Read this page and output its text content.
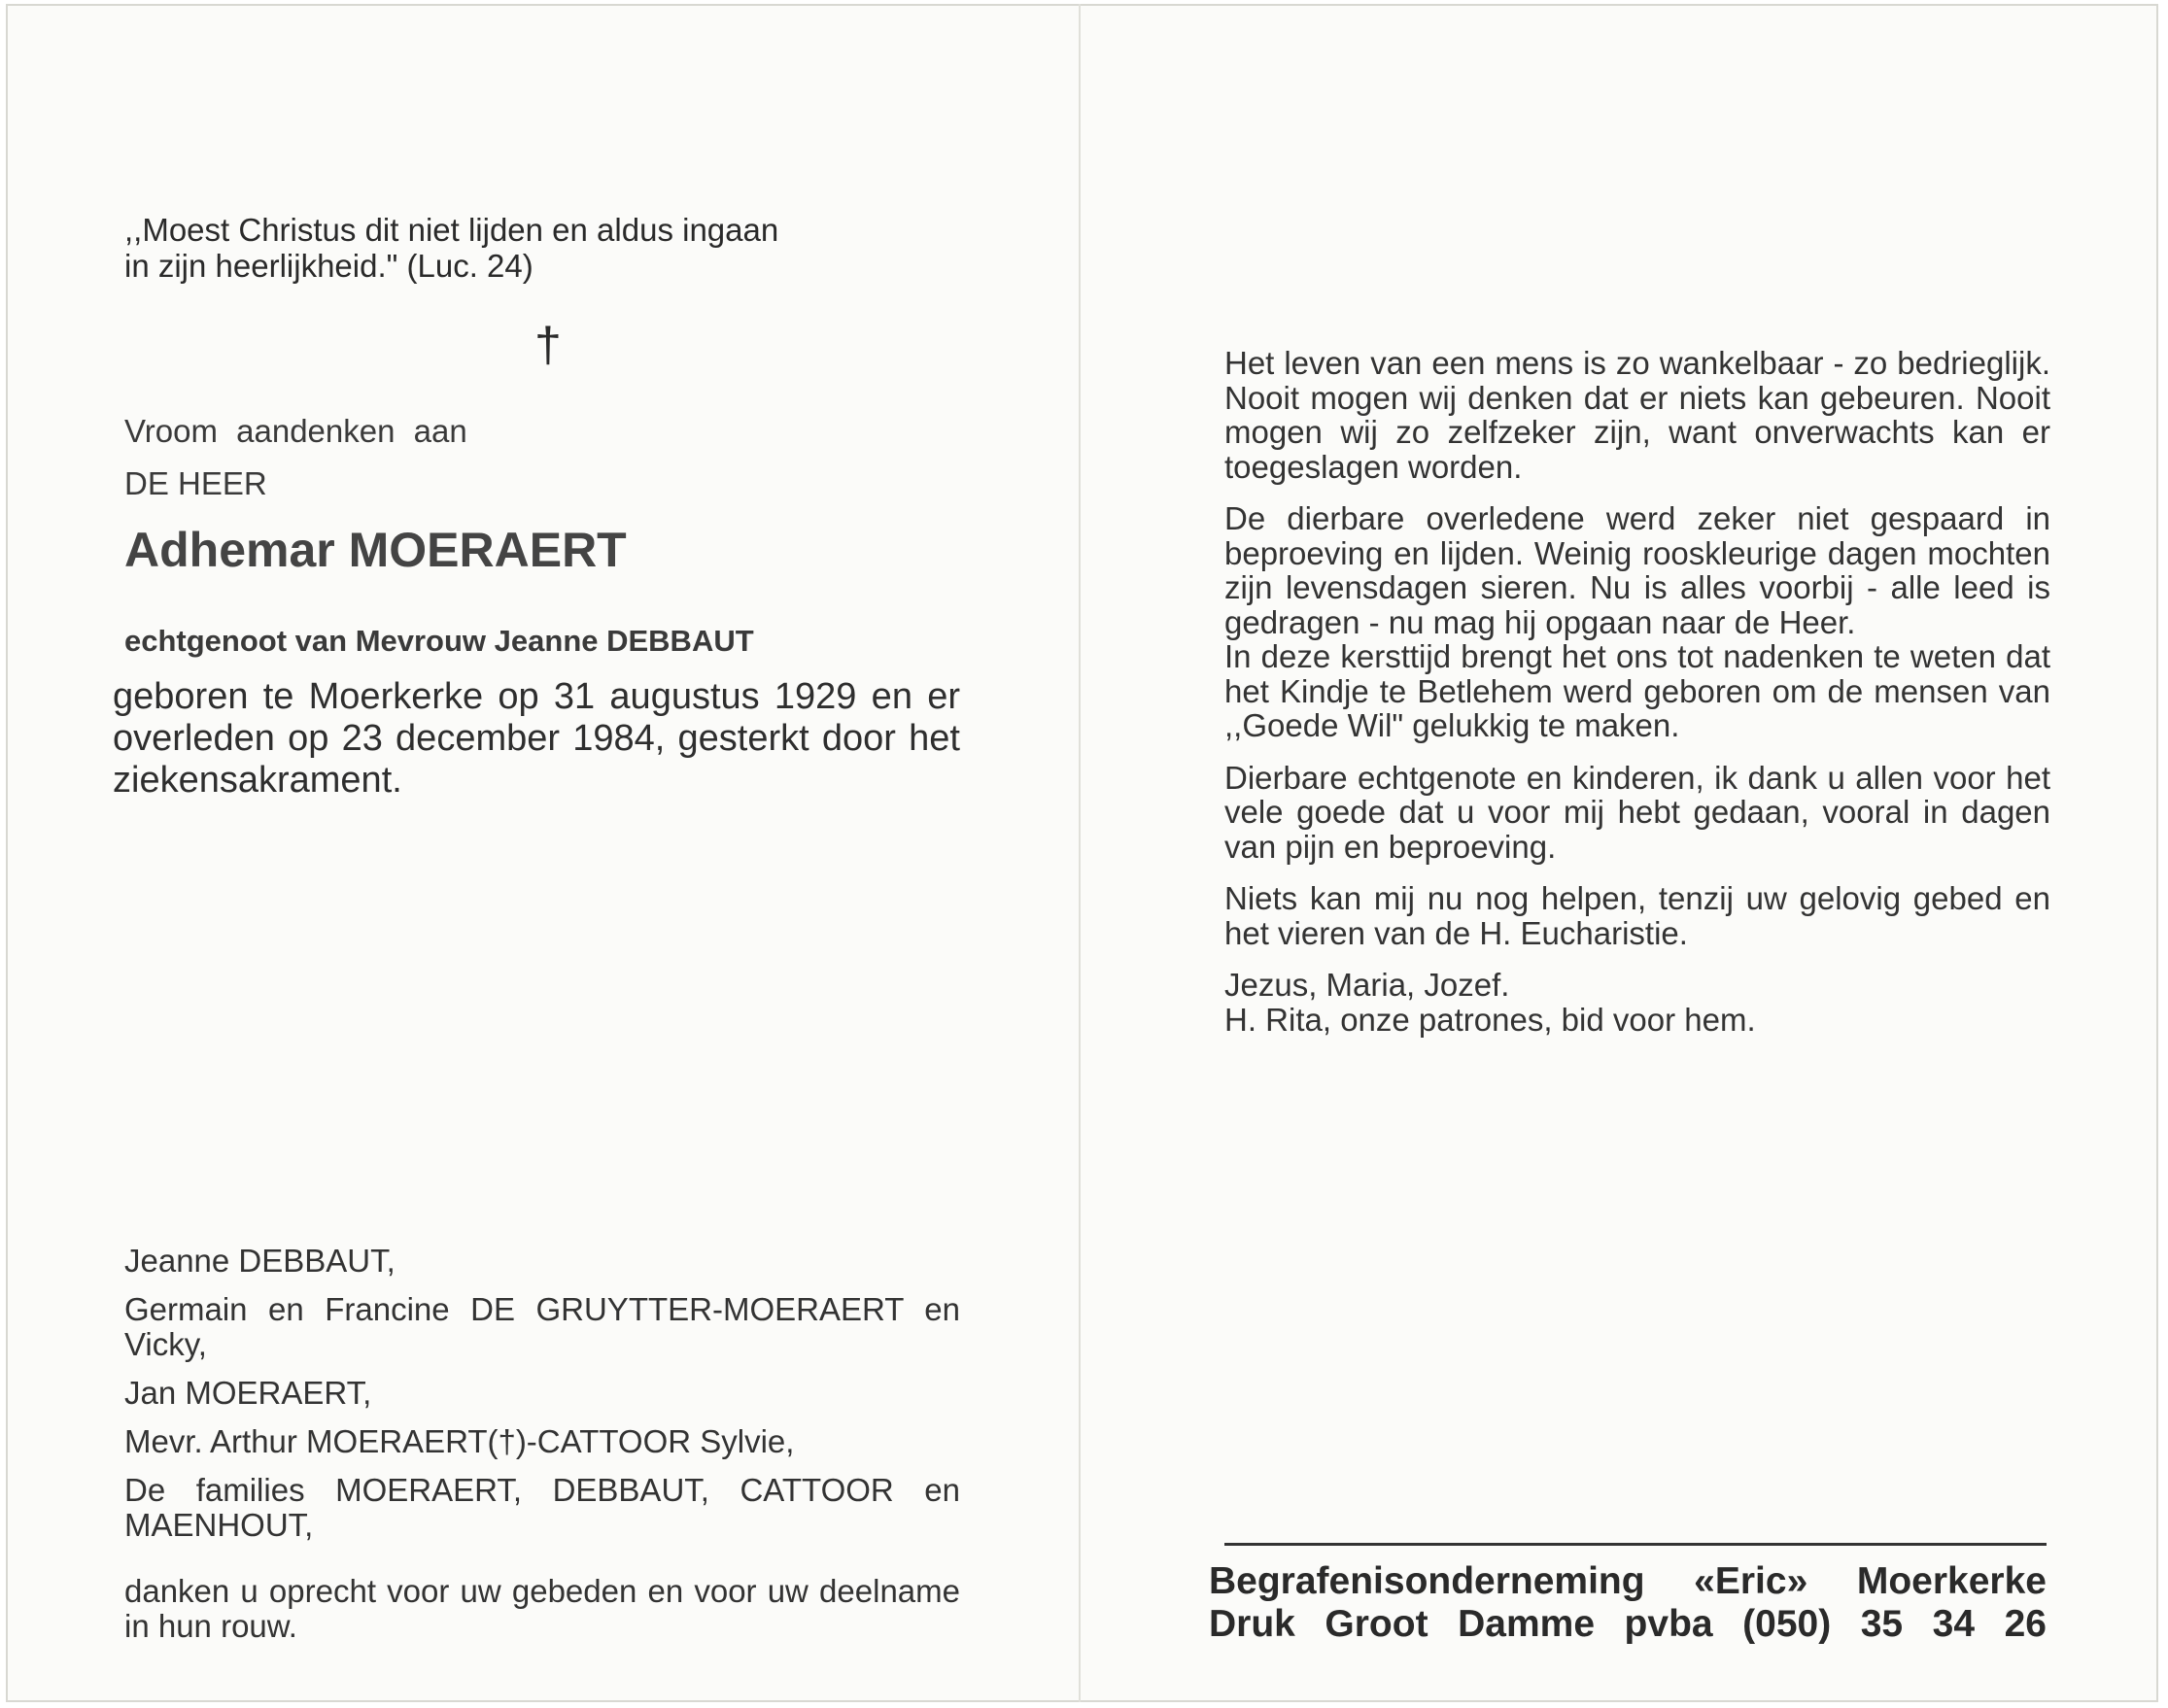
,,Moest Christus dit niet lijden en aldus ingaan
in zijn heerlijkheid." (Luc. 24)
†
Vroom aandenken aan
DE HEER
Adhemar MOERAERT
echtgenoot van Mevrouw Jeanne DEBBAUT
geboren te Moerkerke op 31 augustus 1929 en er overleden op 23 december 1984, gesterkt door het ziekensakrament.
Jeanne DEBBAUT,
Germain en Francine DE GRUYTTER-MOERAERT en Vicky,
Jan MOERAERT,
Mevr. Arthur MOERAERT(†)-CATTOOR Sylvie,
De families MOERAERT, DEBBAUT, CATTOOR en MAENHOUT,
danken u oprecht voor uw gebeden en voor uw deelname in hun rouw.

Het leven van een mens is zo wankelbaar - zo bedrieglijk. Nooit mogen wij denken dat er niets kan gebeuren. Nooit mogen wij zo zelfzeker zijn, want onverwachts kan er toegeslagen worden.

De dierbare overledene werd zeker niet gespaard in beproeving en lijden. Weinig rooskleurige dagen mochten zijn levensdagen sieren. Nu is alles voorbij - alle leed is gedragen - nu mag hij opgaan naar de Heer.

In deze kersttijd brengt het ons tot nadenken te weten dat het Kindje te Betlehem werd geboren om de mensen van ,,Goede Wil" gelukkig te maken.

Dierbare echtgenote en kinderen, ik dank u allen voor het vele goede dat u voor mij hebt gedaan, vooral in dagen van pijn en beproeving.

Niets kan mij nu nog helpen, tenzij uw gelovig gebed en het vieren van de H. Eucharistie.

Jezus, Maria, Jozef.

H. Rita, onze patrones, bid voor hem.

Begrafenisonderneming «Eric» Moerkerke
Druk Groot Damme pvba (050) 35 34 26
